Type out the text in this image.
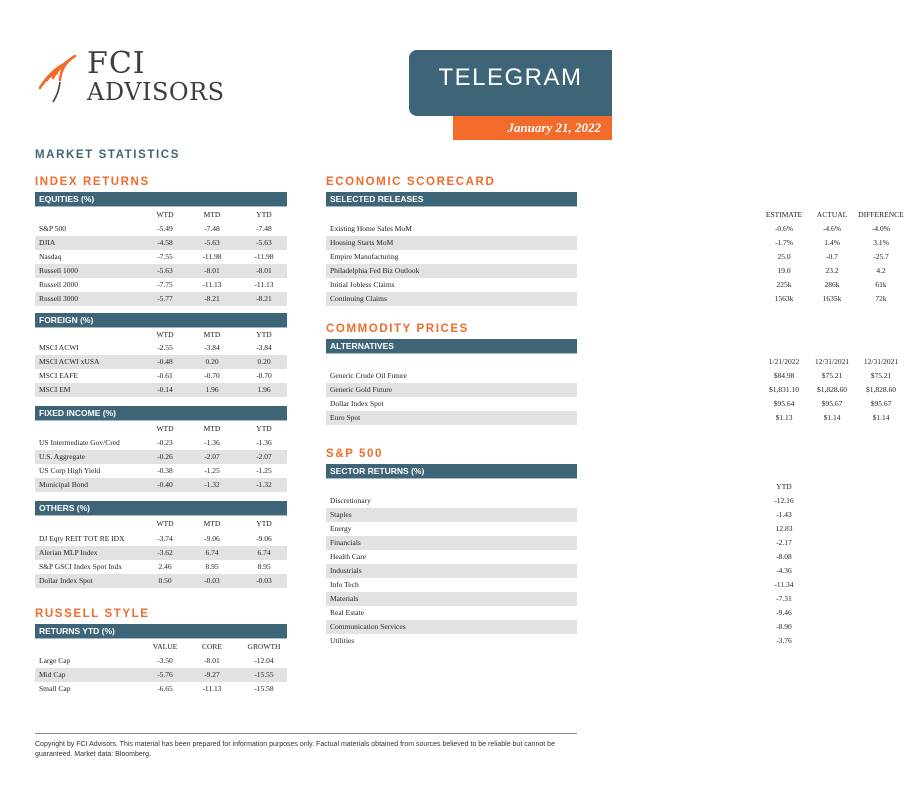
FCI
ADVISORS
TELEGRAM
January 21, 2022
MARKET STATISTICS
INDEX RETURNS
EQUITIES (%)
WTD	MTD	YTD
S&P 500	-5.49	-7.48	-7.48
DJIA	-4.58	-5.63	-5.63
Nasdaq	-7.55	-11.98	-11.98
Russell 1000	-5.63	-8.01	-8.01
Russell 2000	-7.75	-11.13	-11.13
Russell 3000	-5.77	-8.21	-8.21
FOREIGN (%)
WTD	MTD	YTD
MSCI ACWI	-2.55	-3.84	-3.84
MSCI ACWI xUSA	-0.48	0.20	0.20
MSCI EAFE	-0.61	-0.70	-0.70
MSCI EM	-0.14	1.96	1.96
FIXED INCOME (%)
WTD	MTD	YTD
US Intermediate Gov/Cred	-0.23	-1.36	-1.36
U.S. Aggregate	-0.26	-2.07	-2.07
US Corp High Yield	-0.38	-1.25	-1.25
Municipal Bond	-0.40	-1.32	-1.32
OTHERS (%)
WTD	MTD	YTD
DJ Eqty REIT TOT RE IDX	-3.74	-9.06	-9.06
Alerian MLP Index	-3.62	6.74	6.74
S&P GSCI Index Spot Indx	2.46	8.95	8.95
Dollar Index Spot	0.50	-0.03	-0.03
RUSSELL STYLE
RETURNS YTD (%)
VALUE	CORE	GROWTH
Large Cap	-3.50	-8.01	-12.04
Mid Cap	-5.76	-9.27	-15.55
Small Cap	-6.65	-11.13	-15.58
ECONOMIC SCORECARD
SELECTED RELEASES
ESTIMATE	ACTUAL	DIFFERENCE
Existing Home Sales MoM	-0.6%	-4.6%	-4.0%
Housing Starts MoM	-1.7%	1.4%	3.1%
Empire Manufacturing	25.0	-0.7	-25.7
Philadelphia Fed Biz Outlook	19.0	23.2	4.2
Initial Jobless Claims	225k	286k	61k
Continuing Claims	1563k	1635k	72k
COMMODITY PRICES
ALTERNATIVES
1/21/2022	12/31/2021	12/31/2021
Generic Crude Oil Future	$84.98	$75.21	$75.21
Generic Gold Future	$1,831.10	$1,828.60	$1,828.60
Dollar Index Spot	$95.64	$95.67	$95.67
Euro Spot	$1.13	$1.14	$1.14
S&P 500
SECTOR RETURNS (%)
YTD
Discretionary	-12.16
Staples	-1.43
Energy	12.83
Financials	-2.17
Health Care	-8.08
Industrials	-4.36
Info Tech	-11.34
Materials	-7.31
Real Estate	-9.46
Communication Services	-8.90
Utilities	-3.76
Copyright by FCI Advisors. This material has been prepared for information purposes only. Factual materials obtained from sources believed to be reliable but cannot be guaranteed. Market data: Bloomberg.
